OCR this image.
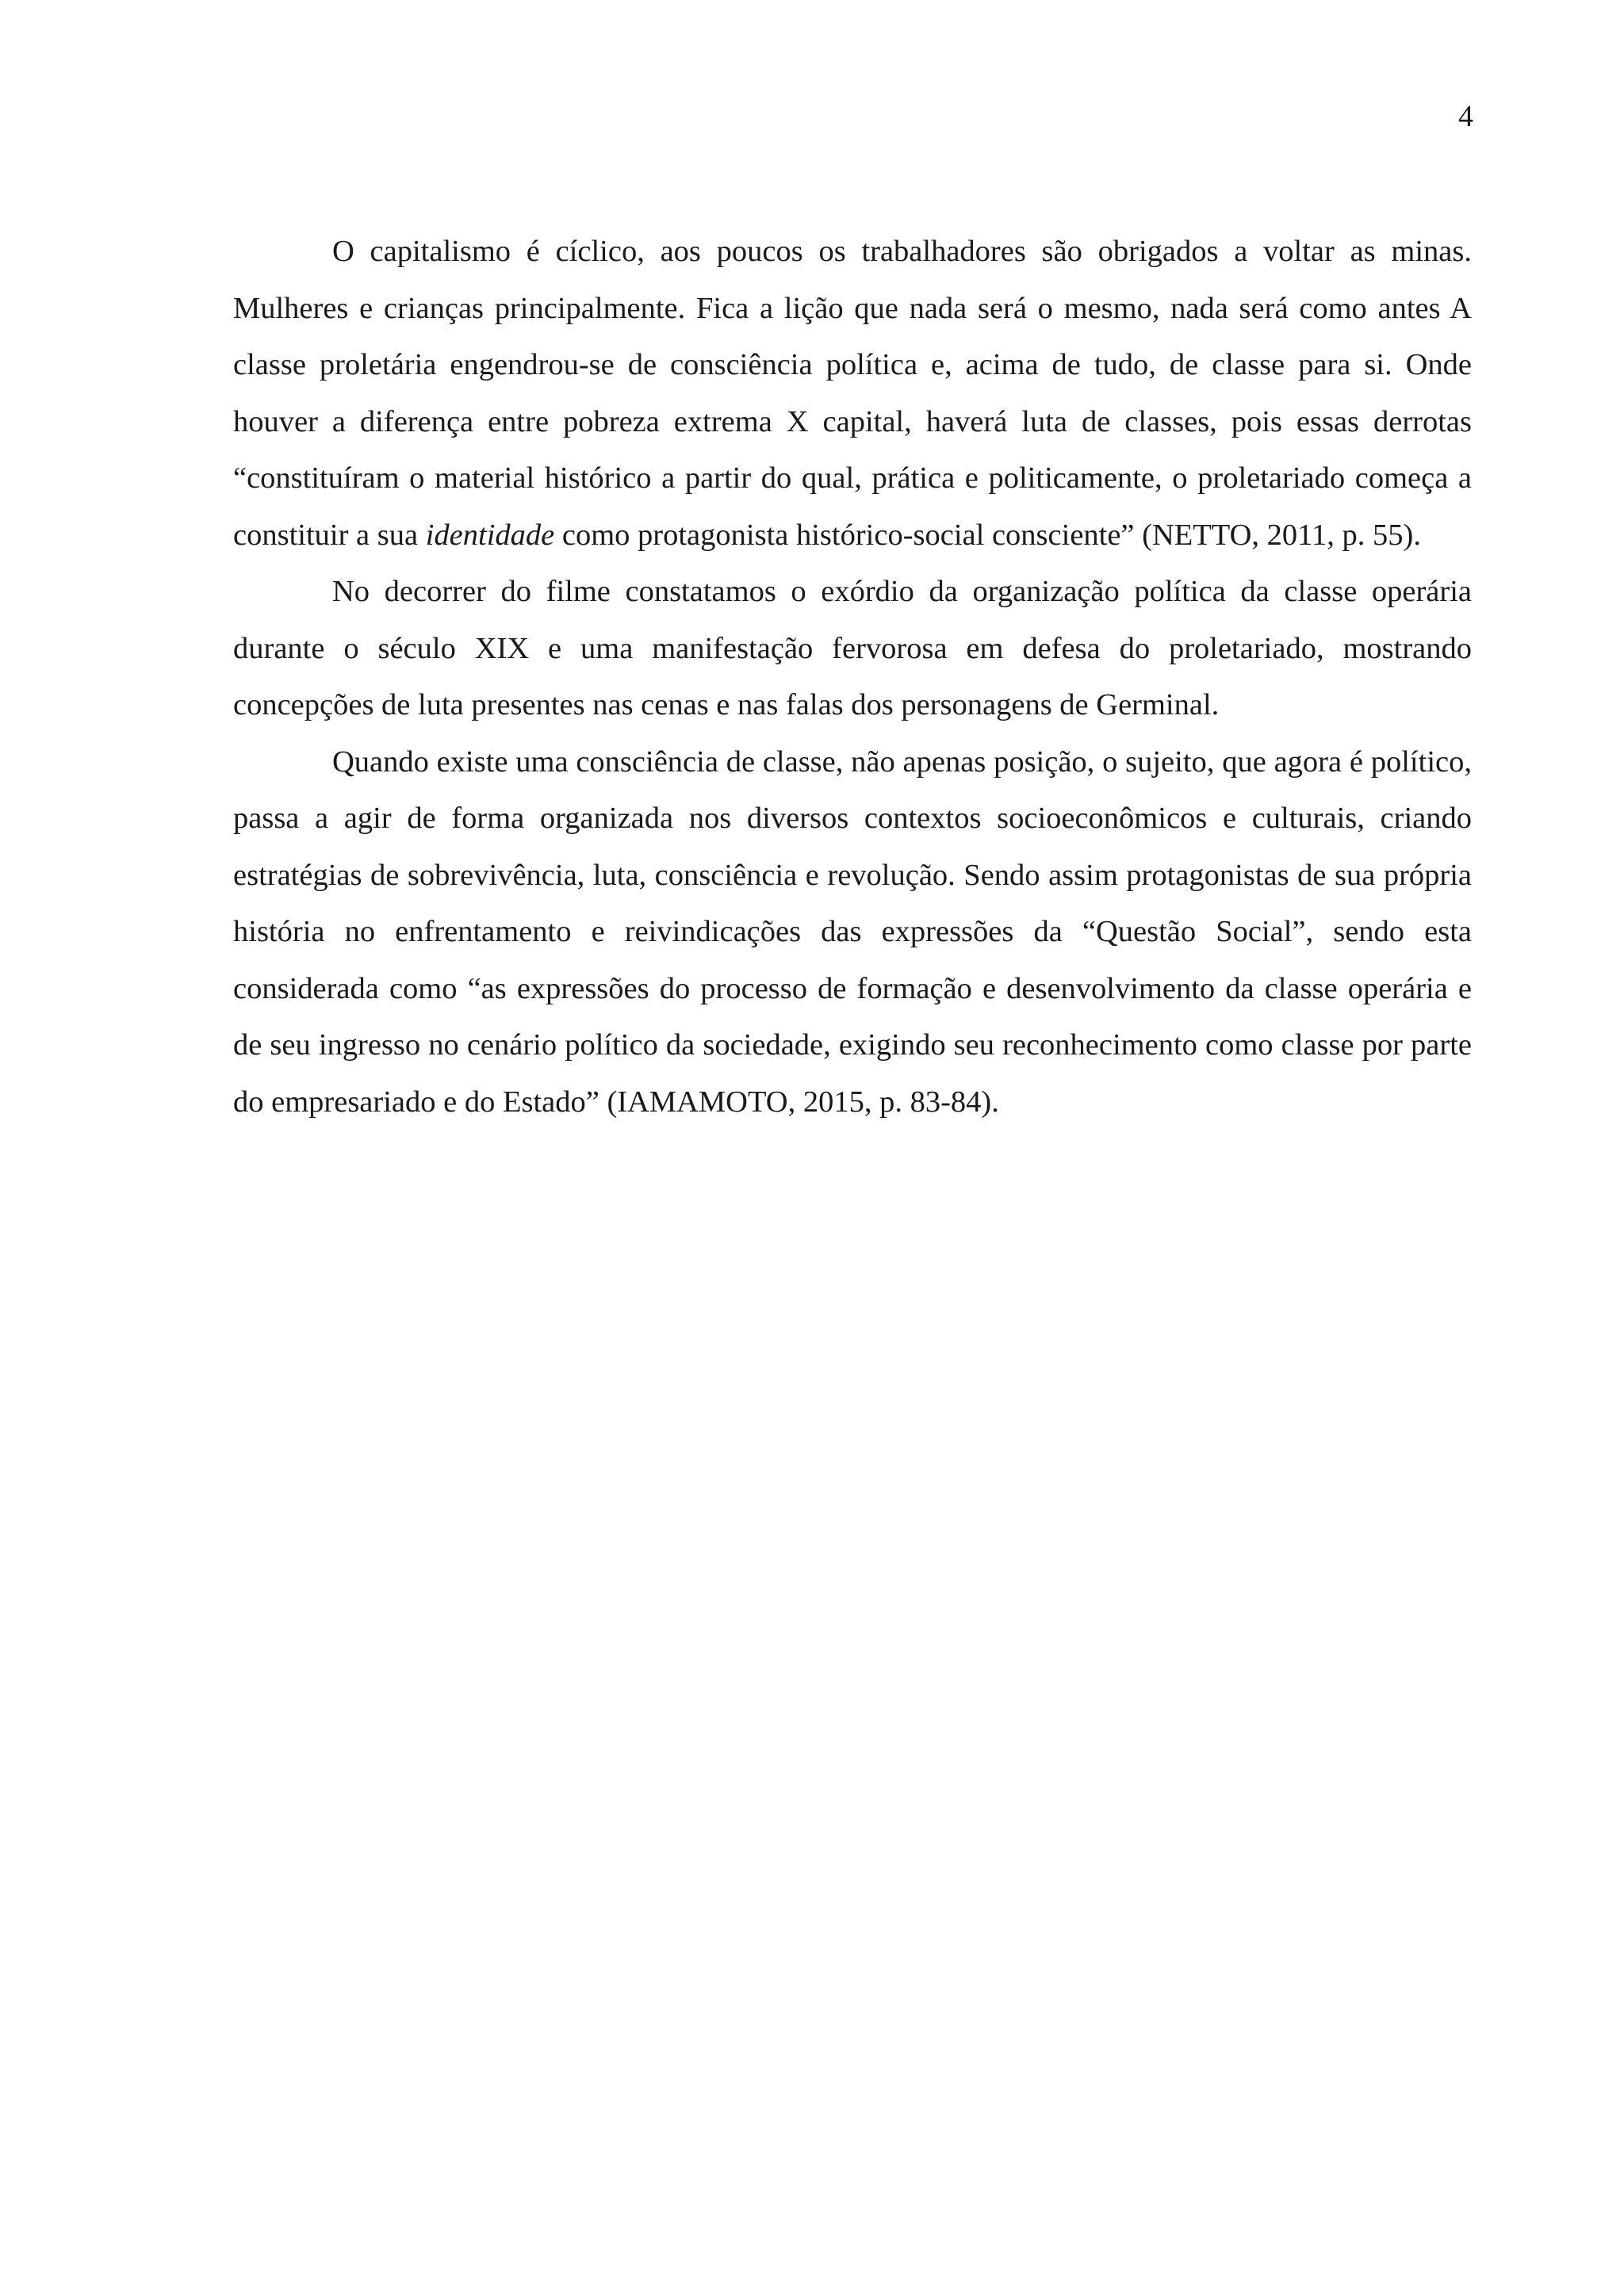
4

O capitalismo é cíclico, aos poucos os trabalhadores são obrigados a voltar as minas. Mulheres e crianças principalmente. Fica a lição que nada será o mesmo, nada será como antes A classe proletária engendrou-se de consciência política e, acima de tudo, de classe para si. Onde houver a diferença entre pobreza extrema X capital, haverá luta de classes, pois essas derrotas “constituíram o material histórico a partir do qual, prática e politicamente, o proletariado começa a constituir a sua identidade como protagonista histórico-social consciente” (NETTO, 2011, p. 55).

No decorrer do filme constatamos o exórdio da organização política da classe operária durante o século XIX e uma manifestação fervorosa em defesa do proletariado, mostrando concepções de luta presentes nas cenas e nas falas dos personagens de Germinal.

Quando existe uma consciência de classe, não apenas posição, o sujeito, que agora é político, passa a agir de forma organizada nos diversos contextos socioeconômicos e culturais, criando estratégias de sobrevivência, luta, consciência e revolução. Sendo assim protagonistas de sua própria história no enfrentamento e reivindicações das expressões da “Questão Social”, sendo esta considerada como “as expressões do processo de formação e desenvolvimento da classe operária e de seu ingresso no cenário político da sociedade, exigindo seu reconhecimento como classe por parte do empresariado e do Estado” (IAMAMOTO, 2015, p. 83-84).
